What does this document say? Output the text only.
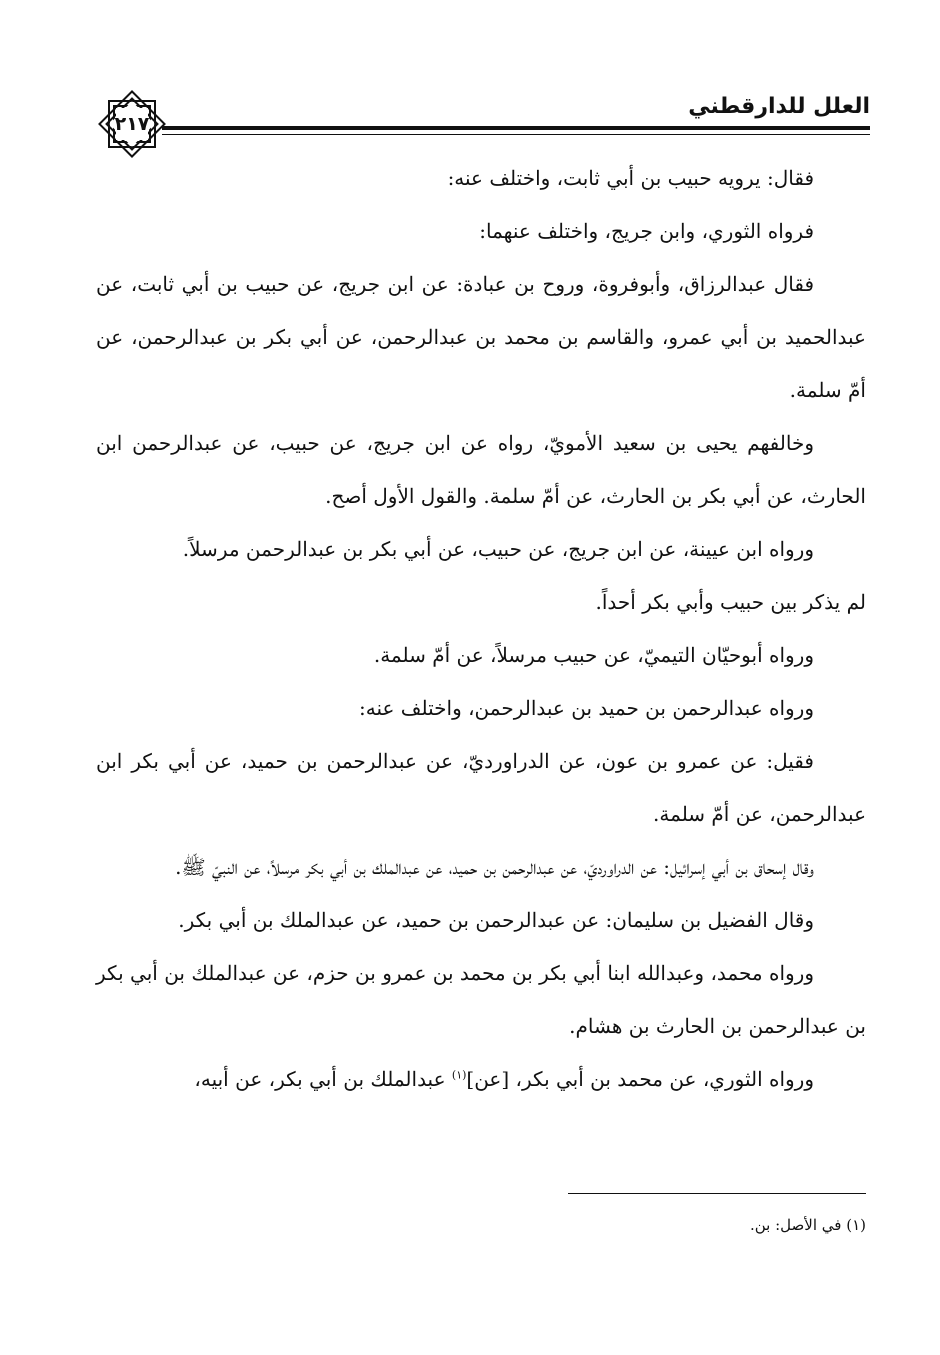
العلل للدارقطني
٢١٧

فقال: يرويه حبيب بن أبي ثابت، واختلف عنه:

فرواه الثوري، وابن جريج، واختلف عنهما:

فقال عبدالرزاق، وأبوفروة، وروح بن عبادة: عن ابن جريج، عن حبيب بن أبي ثابت، عن عبدالحميد بن أبي عمرو، والقاسم بن محمد بن عبدالرحمن، عن أبي بكر بن عبدالرحمن، عن أمّ سلمة.

وخالفهم يحيى بن سعيد الأمويّ، رواه عن ابن جريج، عن حبيب، عن عبدالرحمن ابن الحارث، عن أبي بكر بن الحارث، عن أمّ سلمة. والقول الأول أصح.

ورواه ابن عيينة، عن ابن جريج، عن حبيب، عن أبي بكر بن عبدالرحمن مرسلاً.

لم يذكر بين حبيب وأبي بكر أحداً.

ورواه أبوحيّان التيميّ، عن حبيب مرسلاً، عن أمّ سلمة.

ورواه عبدالرحمن بن حميد بن عبدالرحمن، واختلف عنه:

فقيل: عن عمرو بن عون، عن الدراورديّ، عن عبدالرحمن بن حميد، عن أبي بكر ابن عبدالرحمن، عن أمّ سلمة.

وقال إسحاق بن أبي إسرائيل: عن الدراورديّ، عن عبدالرحمن بن حميد، عن عبدالملك بن أبي بكر مرسلاً، عن النبيّ ﷺ.

وقال الفضيل بن سليمان: عن عبدالرحمن بن حميد، عن عبدالملك بن أبي بكر.

ورواه محمد، وعبدالله ابنا أبي بكر بن محمد بن عمرو بن حزم، عن عبدالملك بن أبي بكر بن عبدالرحمن بن الحارث بن هشام.

ورواه الثوري، عن محمد بن أبي بكر، [عن]$^{(١)}$ عبدالملك بن أبي بكر، عن أبيه،

(١) في الأصل: بن.
